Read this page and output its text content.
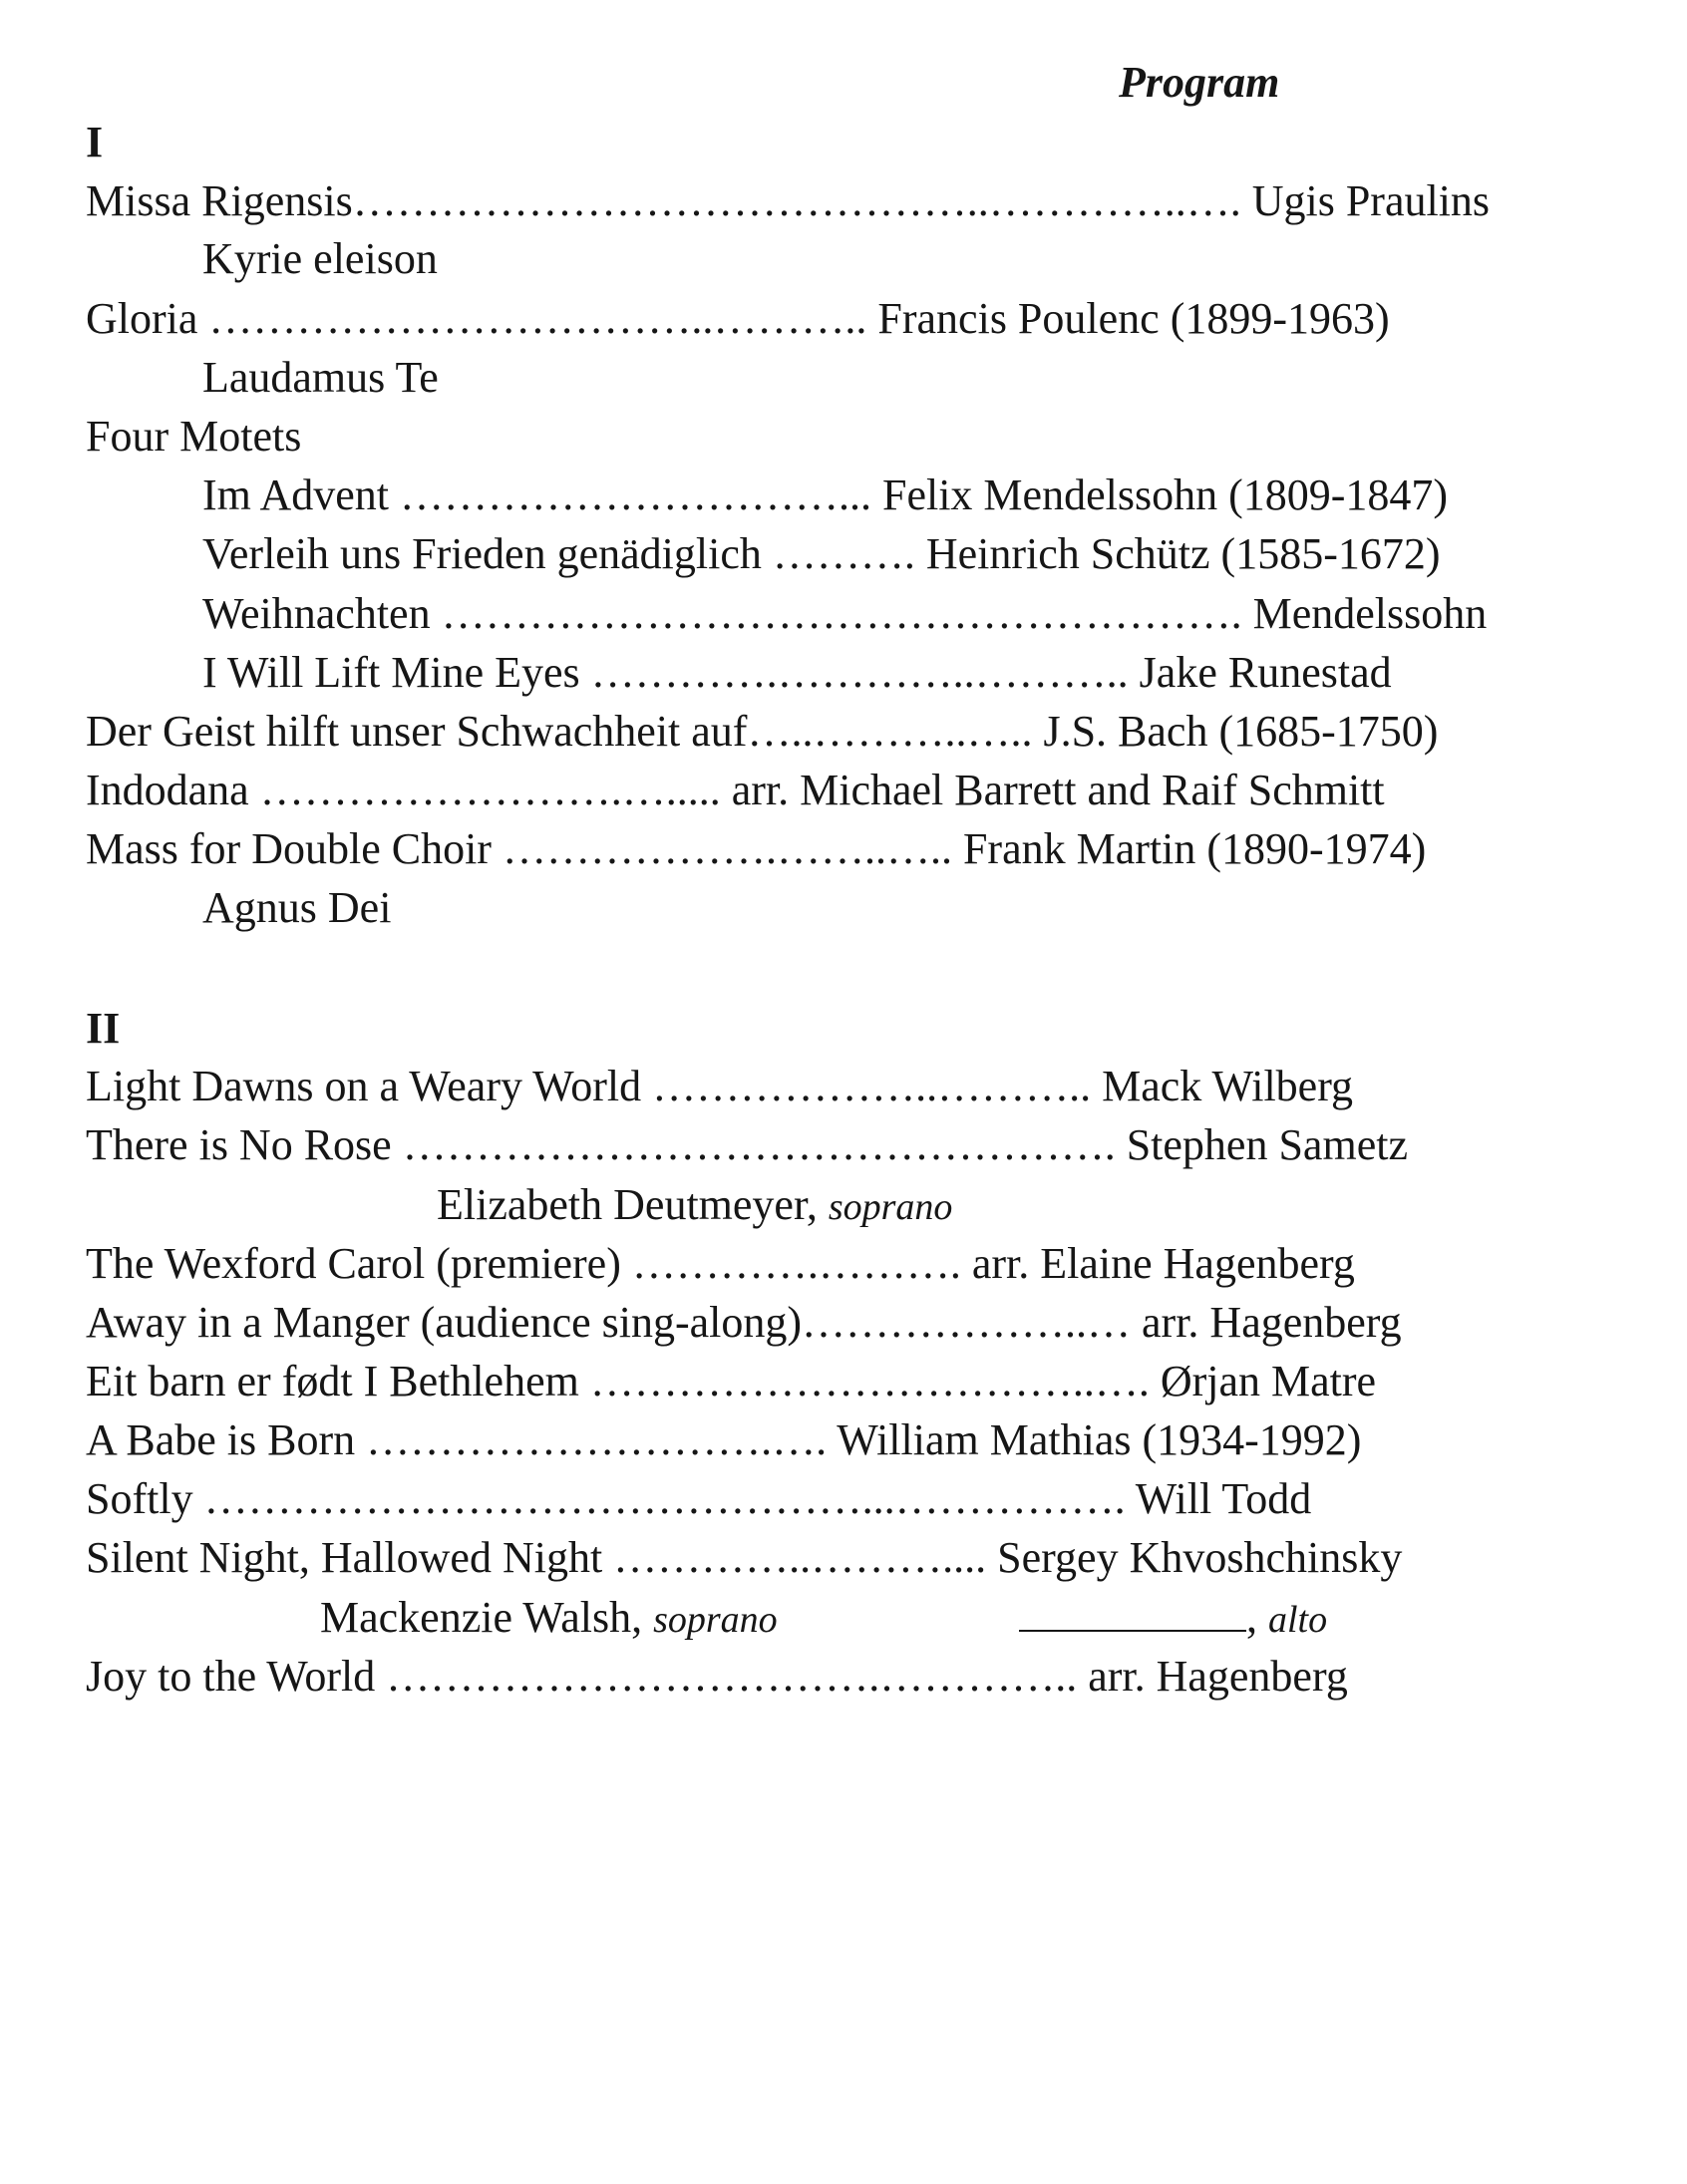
Program
I
Missa Rigensis……………………………………..…………..…. Ugis Praulins
Kyrie eleison
Gloria ……………………………..……….. Francis Poulenc (1899-1963)
Laudamus Te
Four Motets
Im Advent …………………………... Felix Mendelssohn (1809-1847)
Verleih uns Frieden genädiglich ………. Heinrich Schütz (1585-1672)
Weihnachten ………………………………………………. Mendelssohn
I Will Lift Mine Eyes ………….…………..……….. Jake Runestad
Der Geist hilft unser Schwachheit auf…..………..….. J.S. Bach (1685-1750)
Indodana …………………….…..... arr. Michael Barrett and Raif Schmitt
Mass for Double Choir ……………….……..….. Frank Martin (1890-1974)
Agnus Dei
II
Light Dawns on a Weary World ………………..……….. Mack Wilberg
There is No Rose …………………………………………. Stephen Sametz
Elizabeth Deutmeyer, soprano
The Wexford Carol (premiere) ………….………. arr. Elaine Hagenberg
Away in a Manger (audience sing-along)………………..… arr. Hagenberg
Eit barn er født I Bethlehem ……………………………..…. Ørjan Matre
A Babe is Born ……………………….…. William Mathias (1934-1992)
Softly ………………………………………...……………. Will Todd
Silent Night, Hallowed Night …………..……….... Sergey Khvoshchinsky
Mackenzie Walsh, soprano	, alto
Joy to the World …………………………….………….. arr. Hagenberg
